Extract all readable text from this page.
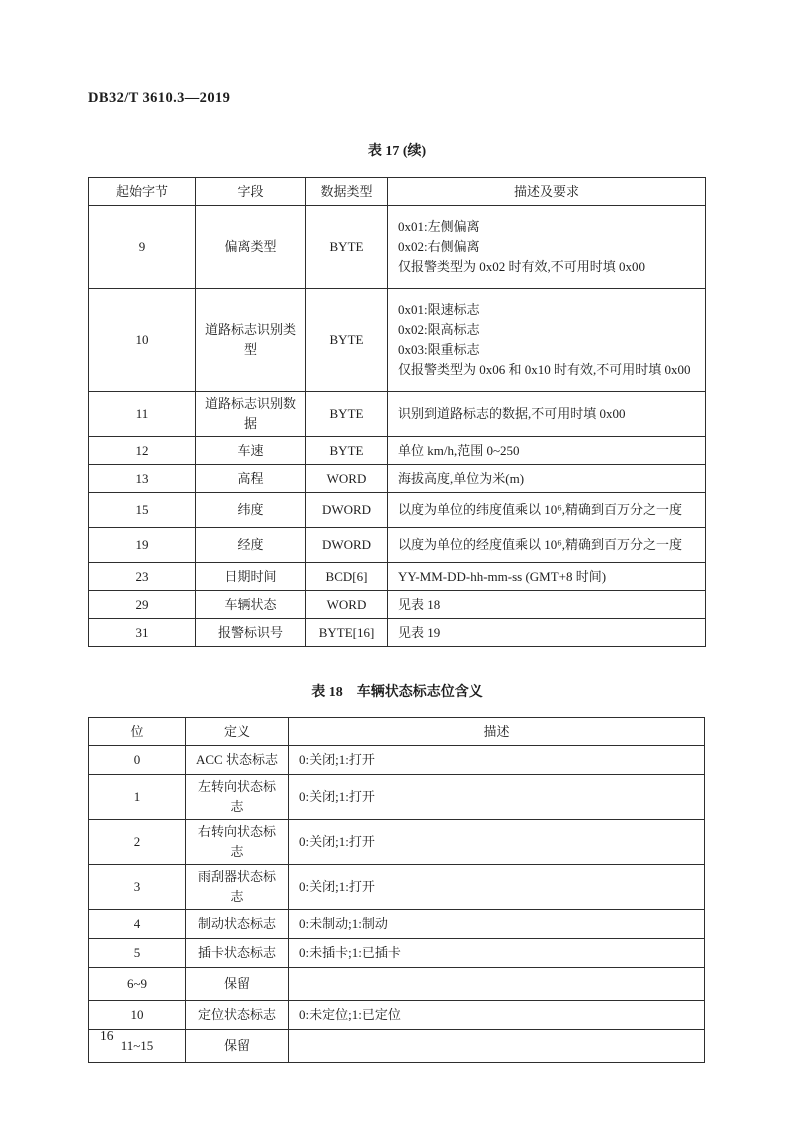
DB32/T 3610.3—2019
表 17 (续)
起始字节	字段	数据类型	描述及要求
9	偏离类型	BYTE	0x01:左侧偏离
0x02:右侧偏离
仅报警类型为 0x02 时有效,不可用时填 0x00

10	道路标志识别类型	BYTE	0x01:限速标志
0x02:限高标志
0x03:限重标志
仅报警类型为 0x06 和 0x10 时有效,不可用时填 0x00

11	道路标志识别数据	BYTE	识别到道路标志的数据,不可用时填 0x00

12	车速	BYTE	单位 km/h,范围 0~250

13	高程	WORD	海拔高度,单位为米(m)

15	纬度	DWORD	以度为单位的纬度值乘以 10⁶,精确到百万分之一度

19	经度	DWORD	以度为单位的经度值乘以 10⁶,精确到百万分之一度

23	日期时间	BCD[6]	YY-MM-DD-hh-mm-ss (GMT+8 时间)

29	车辆状态	WORD	见表 18

31	报警标识号	BYTE[16]	见表 19
表 18　车辆状态标志位含义
位	定义	描述
0	ACC 状态标志	0:关闭;1:打开
1	左转向状态标志	0:关闭;1:打开
2	右转向状态标志	0:关闭;1:打开
3	雨刮器状态标志	0:关闭;1:打开
4	制动状态标志	0:未制动;1:制动
5	插卡状态标志	0:未插卡;1:已插卡
6~9	保留	
10	定位状态标志	0:未定位;1:已定位
11~15	保留	
16
